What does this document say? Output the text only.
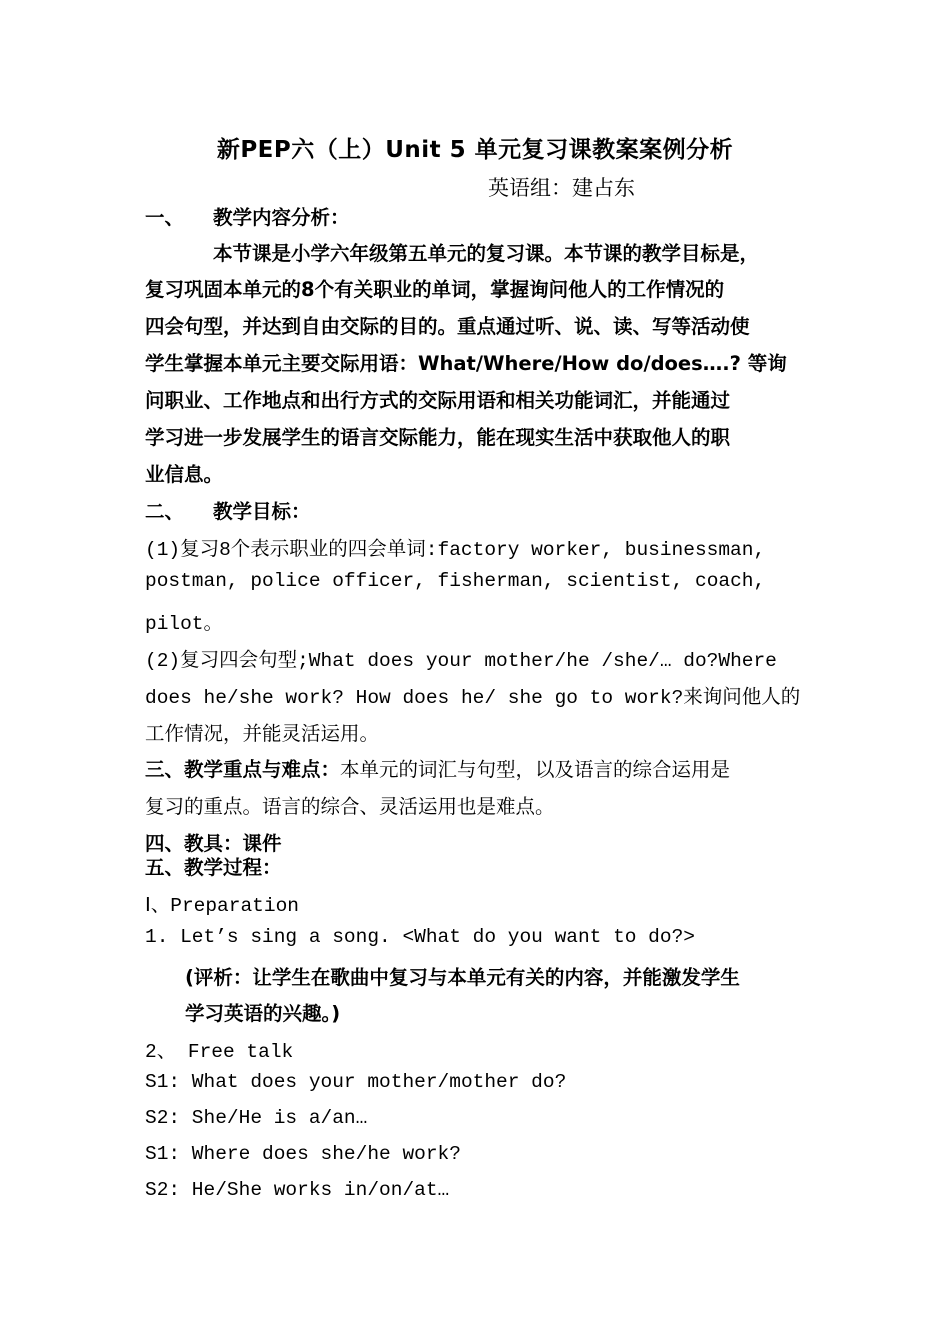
新PEP六（上）Unit 5 单元复习课教案案例分析
英语组：建占东
一、 教学内容分析：
本节课是小学六年级第五单元的复习课。本节课的教学目标是，
复习巩固本单元的8个有关职业的单词，掌握询问他人的工作情况的
四会句型，并达到自由交际的目的。重点通过听、说、读、写等活动使
学生掌握本单元主要交际用语：What/Where/How do/does….? 等询
问职业、工作地点和出行方式的交际用语和相关功能词汇，并能通过
学习进一步发展学生的语言交际能力，能在现实生活中获取他人的职
业信息。
二、 教学目标：
(1)复习8个表示职业的四会单词:factory worker, businessman,
postman, police officer, fisherman, scientist, coach,
pilot。
(2)复习四会句型;What does your mother/he /she/… do?Where
does he/she work? How does he/ she go to work?来询问他人的
工作情况，并能灵活运用。
三、教学重点与难点：本单元的词汇与句型，以及语言的综合运用是
复习的重点。语言的综合、灵活运用也是难点。
四、教具：课件
五、教学过程：
Ⅰ、Preparation
1. Let’s sing a song. <What do you want to do?>
(评析：让学生在歌曲中复习与本单元有关的内容，并能激发学生
学习英语的兴趣。)
2、 Free talk
S1: What does your mother/mother do?
S2: She/He is a/an…
S1: Where does she/he work?
S2: He/She works in/on/at…
